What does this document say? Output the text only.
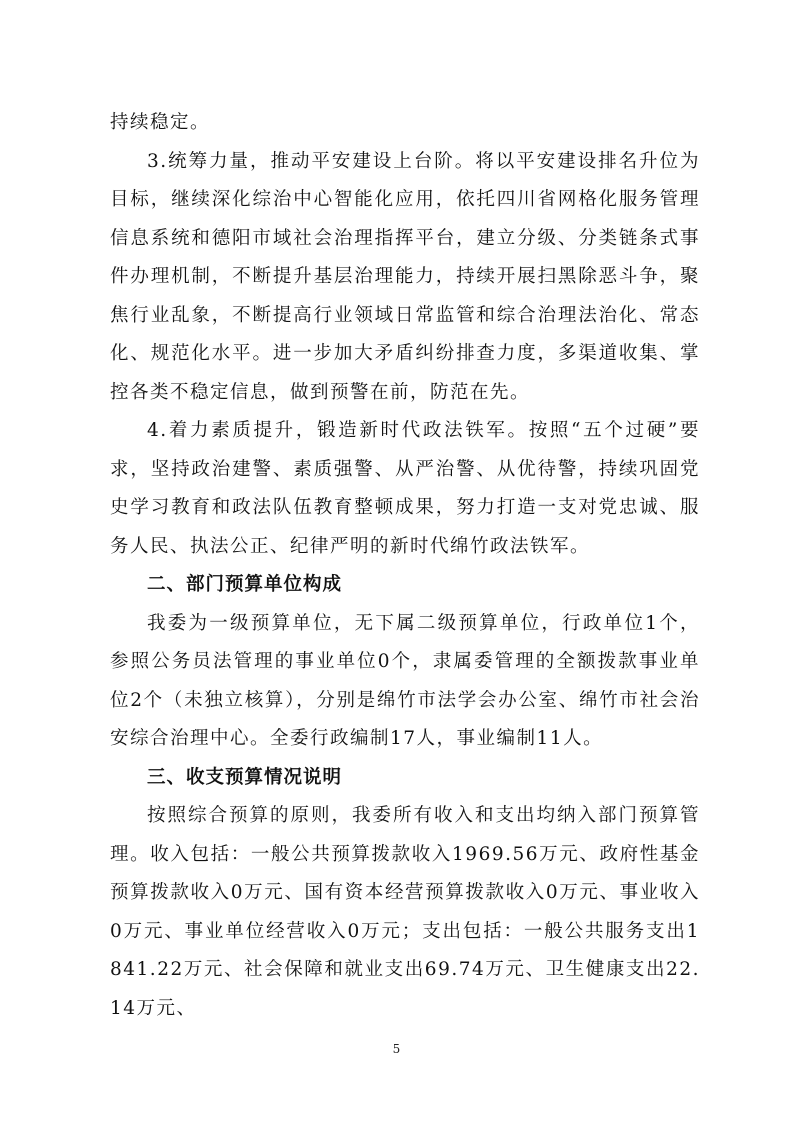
持续稳定。

3.统筹力量，推动平安建设上台阶。将以平安建设排名升位为目标，继续深化综治中心智能化应用，依托四川省网格化服务管理信息系统和德阳市域社会治理指挥平台，建立分级、分类链条式事件办理机制，不断提升基层治理能力，持续开展扫黑除恶斗争，聚焦行业乱象，不断提高行业领域日常监管和综合治理法治化、常态化、规范化水平。进一步加大矛盾纠纷排查力度，多渠道收集、掌控各类不稳定信息，做到预警在前，防范在先。

4.着力素质提升，锻造新时代政法铁军。按照“五个过硬”要求，坚持政治建警、素质强警、从严治警、从优待警，持续巩固党史学习教育和政法队伍教育整顿成果，努力打造一支对党忠诚、服务人民、执法公正、纪律严明的新时代绵竹政法铁军。

二、部门预算单位构成

我委为一级预算单位，无下属二级预算单位，行政单位1个，参照公务员法管理的事业单位0个，隶属委管理的全额拨款事业单位2个（未独立核算），分别是绵竹市法学会办公室、绵竹市社会治安综合治理中心。全委行政编制17人，事业编制11人。

三、收支预算情况说明

按照综合预算的原则，我委所有收入和支出均纳入部门预算管理。收入包括：一般公共预算拨款收入1969.56万元、政府性基金预算拨款收入0万元、国有资本经营预算拨款收入0万元、事业收入0万元、事业单位经营收入0万元；支出包括：一般公共服务支出1841.22万元、社会保障和就业支出69.74万元、卫生健康支出22.14万元、

5
